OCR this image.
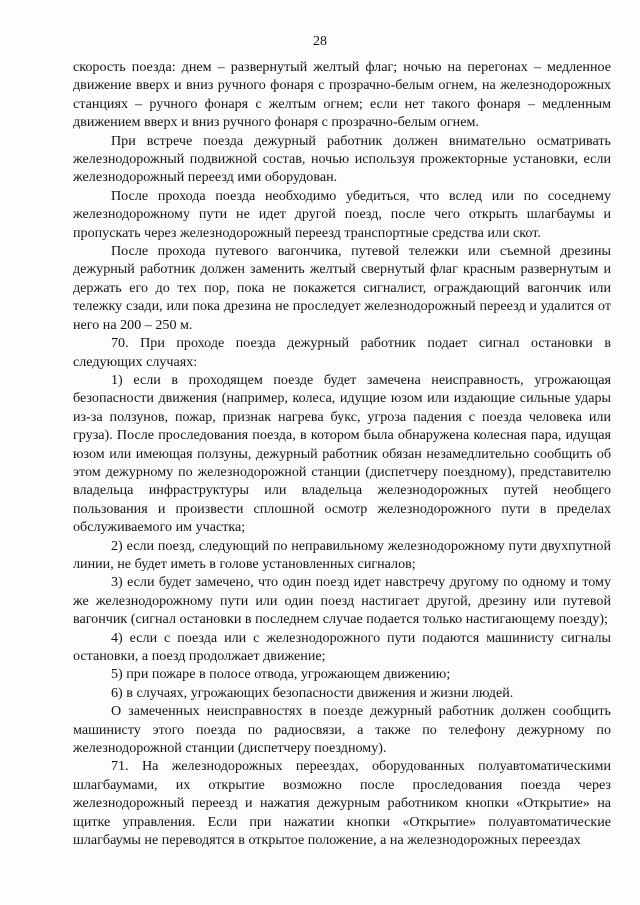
28

скорость поезда: днем – развернутый желтый флаг; ночью на перегонах – медленное движение вверх и вниз ручного фонаря с прозрачно-белым огнем, на железнодорожных станциях – ручного фонаря с желтым огнем; если нет такого фонаря – медленным движением вверх и вниз ручного фонаря с прозрачно-белым огнем.

При встрече поезда дежурный работник должен внимательно осматривать железнодорожный подвижной состав, ночью используя прожекторные установки, если железнодорожный переезд ими оборудован.

После прохода поезда необходимо убедиться, что вслед или по соседнему железнодорожному пути не идет другой поезд, после чего открыть шлагбаумы и пропускать через железнодорожный переезд транспортные средства или скот.

После прохода путевого вагончика, путевой тележки или съемной дрезины дежурный работник должен заменить желтый свернутый флаг красным развернутым и держать его до тех пор, пока не покажется сигналист, ограждающий вагончик или тележку сзади, или пока дрезина не проследует железнодорожный переезд и удалится от него на 200 – 250 м.

70. При проходе поезда дежурный работник подает сигнал остановки в следующих случаях:

1) если в проходящем поезде будет замечена неисправность, угрожающая безопасности движения (например, колеса, идущие юзом или издающие сильные удары из-за ползунов, пожар, признак нагрева букс, угроза падения с поезда человека или груза). После проследования поезда, в котором была обнаружена колесная пара, идущая юзом или имеющая ползуны, дежурный работник обязан незамедлительно сообщить об этом дежурному по железнодорожной станции (диспетчеру поездному), представителю владельца инфраструктуры или владельца железнодорожных путей необщего пользования и произвести сплошной осмотр железнодорожного пути в пределах обслуживаемого им участка;

2) если поезд, следующий по неправильному железнодорожному пути двухпутной линии, не будет иметь в голове установленных сигналов;

3) если будет замечено, что один поезд идет навстречу другому по одному и тому же железнодорожному пути или один поезд настигает другой, дрезину или путевой вагончик (сигнал остановки в последнем случае подается только настигающему поезду);

4) если с поезда или с железнодорожного пути подаются машинисту сигналы остановки, а поезд продолжает движение;

5) при пожаре в полосе отвода, угрожающем движению;

6) в случаях, угрожающих безопасности движения и жизни людей.

О замеченных неисправностях в поезде дежурный работник должен сообщить машинисту этого поезда по радиосвязи, а также по телефону дежурному по железнодорожной станции (диспетчеру поездному).

71. На железнодорожных переездах, оборудованных полуавтоматическими шлагбаумами, их открытие возможно после проследования поезда через железнодорожный переезд и нажатия дежурным работником кнопки «Открытие» на щитке управления. Если при нажатии кнопки «Открытие» полуавтоматические шлагбаумы не переводятся в открытое положение, а на железнодорожных переездах
